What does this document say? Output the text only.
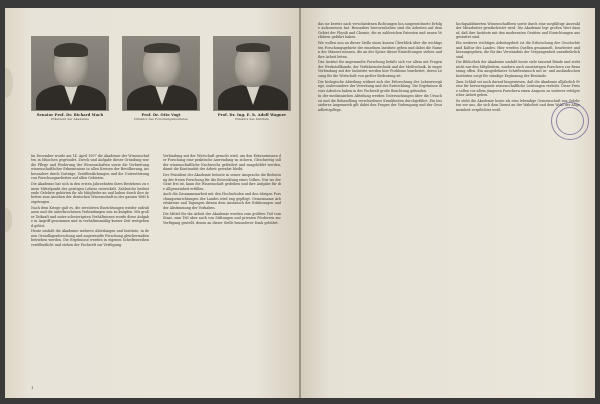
Senator Prof. Dr. Richard Mach
Präsident der Akademie
Prof. Dr. Otto Vogt
Direktor des Forschungsinstitutes
Prof. Dr. Ing. E. h. Adolf Wagner
Direktor des Instituts

Im Dezember wurde am 14. April 1907 die Akademie der Wissenschaften in München gegründet. Zweck und Aufgabe dieser Gründung war die Pflege und Förderung der Wissenschaften sowie die Verbreitung wissenschaftlicher Erkenntnisse in allen Kreisen der Bevölkerung, insbesondere durch Vorträge, Veröffentlichungen und die Unterstützung von Forschungsarbeiten auf allen Gebieten.

Die Akademie hat sich in den ersten Jahrzehnten ihres Bestehens zu einem Mittelpunkt des geistigen Lebens entwickelt. Zahlreiche bedeutende Gelehrte gehörten ihr als Mitglieder an und haben durch ihre Arbeiten zum Ansehen der deutschen Wissenschaft in der ganzen Welt beigetragen.

Nach dem Kriege galt es, die zerstörten Einrichtungen wieder aufzubauen und die unterbrochenen Verbindungen neu zu knüpfen. Mit großer Tatkraft und unter schwierigsten Verhältnissen wurde diese Aufgabe in Angriff genommen und in verhältnismäßig kurzer Zeit weitgehend gelöst.

Heute umfaßt die Akademie mehrere Abteilungen und Institute, in denen Grundlagenforschung und angewandte Forschung gleichermaßen betrieben werden. Die Ergebnisse werden in eigenen Schriftenreihen veröffentlicht und stehen der Fachwelt zur Verfügung.

Verbindung mit der Wirtschaft gesucht wird, um den Erkenntnissen der Forschung eine praktische Anwendung zu sichern. Gleichzeitig soll der wissenschaftliche Nachwuchs gefördert und ausgebildet werden, damit die Kontinuität der Arbeit gewahrt bleibt.

Der Präsident der Akademie betonte in seiner Ansprache die Bedeutung der freien Forschung für die Entwicklung eines Volkes. Nur wo der Geist frei ist, kann die Wissenschaft gedeihen und ihre Aufgabe für die Allgemeinheit erfüllen.

Auch die Zusammenarbeit mit den Hochschulen und den übrigen Forschungseinrichtungen des Landes wird eng gepflegt. Gemeinsame Arbeitskreise und Tagungen dienen dem Austausch der Erfahrungen und der Abstimmung der Vorhaben.

Die Mittel für die Arbeit der Akademie werden zum größten Teil vom Staat, zum Teil aber auch von Stiftungen und privaten Förderern zur Verfügung gestellt, denen an dieser Stelle besonderer Dank gebührt.

1

das sie bereits nach verschiedenen Richtungen hin ausgezeichnete Erfolge aufzuweisen hat. Besonders hervorzuheben sind die Arbeiten auf dem Gebiet der Physik und Chemie, die zu zahlreichen Patenten und neuen Verfahren geführt haben.

Wir wollen nun an dieser Stelle einen kurzen Überblick über die wichtigsten Forschungsgebiete der einzelnen Institute geben und dabei die Namen der Männer nennen, die an der Spitze dieser Einrichtungen stehen und ihre Arbeit leiten.

Das Institut für angewandte Forschung befaßt sich vor allem mit Fragen der Werkstoffkunde, der Verfahrenstechnik und der Meßtechnik. In enger Verbindung mit der Industrie werden hier Probleme bearbeitet, deren Lösung für die Wirtschaft von großer Bedeutung ist.

Die biologische Abteilung widmet sich der Erforschung der Lebensvorgänge, insbesondere der Vererbung und der Entwicklung. Die Ergebnisse dieser Arbeiten haben in der Fachwelt große Beachtung gefunden.

In der medizinischen Abteilung werden Untersuchungen über die Ursachen und die Behandlung verschiedener Krankheiten durchgeführt. Ein besonderes Augenmerk gilt dabei den Fragen der Vorbeugung und der Gesundheitspflege.

hochqualifizierten Wissenschaftlern sowie durch eine sorgfältige Auswahl der Mitarbeiter gewährleistet wird. Die Akademie legt großen Wert darauf, daß ihre Institute mit den modernsten Geräten und Einrichtungen ausgestattet sind.

Ein weiteres wichtiges Arbeitsgebiet ist die Erforschung der Geschichte und Kultur des Landes. Hier werden Quellen gesammelt, bearbeitet und herausgegeben, die für das Verständnis der Vergangenheit unentbehrlich sind.

Die Bibliothek der Akademie umfaßt heute viele tausend Bände und steht nicht nur den Mitgliedern, sondern auch auswärtigen Forschern zur Benutzung offen. Ein ausgedehnter Schriftentausch mit in- und ausländischen Instituten sorgt für ständige Ergänzung der Bestände.

Zum Schluß sei noch darauf hingewiesen, daß die Akademie alljährlich Preise für hervorragende wissenschaftliche Leistungen verleiht. Diese Preise sollen vor allem jüngeren Forschern einen Ansporn zu weiterer erfolgreicher Arbeit geben.

So steht die Akademie heute als eine lebendige Gemeinschaft von Gelehrten vor uns, die sich dem Dienst an der Wahrheit und dem Wohl der Allgemeinheit verpflichtet weiß.
